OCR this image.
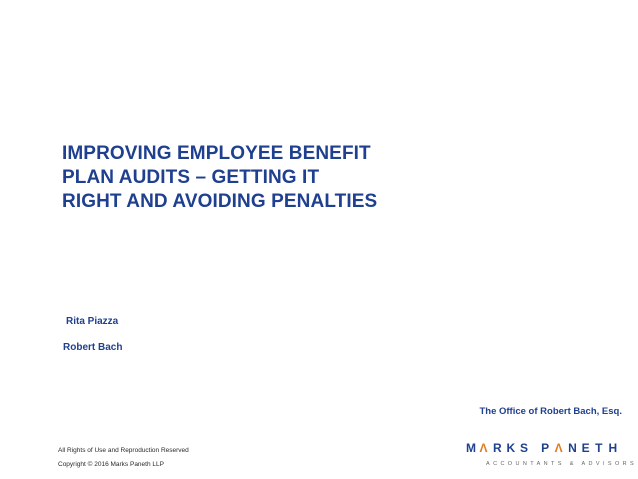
IMPROVING EMPLOYEE BENEFIT
PLAN AUDITS – GETTING IT
RIGHT AND AVOIDING PENALTIES
Rita Piazza
Robert Bach
The Office of Robert Bach, Esq.
All Rights of Use and Reproduction Reserved
Copyright © 2016 Marks Paneth LLP
M Λ R K S	P Λ N E T H
ACCOUNTANTS & ADVISORS
